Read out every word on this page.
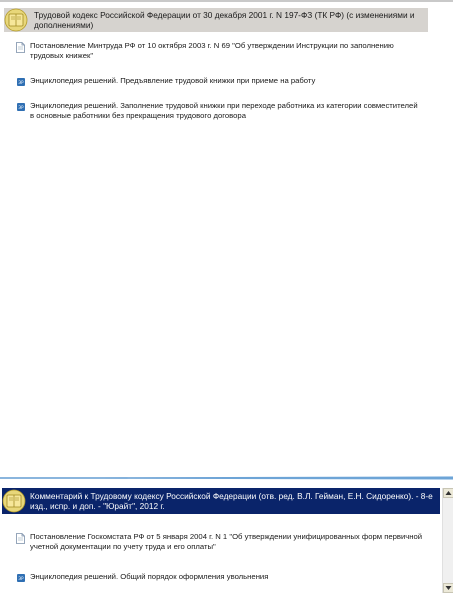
Трудовой кодекс Российской Федерации от 30 декабря 2001 г. N 197-ФЗ (ТК РФ) (с изменениями и дополнениями)
Постановление Минтруда РФ от 10 октября 2003 г. N 69 "Об утверждении Инструкции по заполнению трудовых книжек"
ЭР Энциклопедия решений. Предъявление трудовой книжки при приеме на работу
ЭР Энциклопедия решений. Заполнение трудовой книжки при переходе работника из категории совместителей в основные работники без прекращения трудового договора
Комментарий к Трудовому кодексу Российской Федерации (отв. ред. В.Л. Гейман, Е.Н. Сидоренко). - 8-е изд., испр. и доп. - "Юрайт", 2012 г.
Постановление Госкомстата РФ от 5 января 2004 г. N 1 "Об утверждении унифицированных форм первичной учетной документации по учету труда и его оплаты"
ЭР Энциклопедия решений. Общий порядок оформления увольнения
